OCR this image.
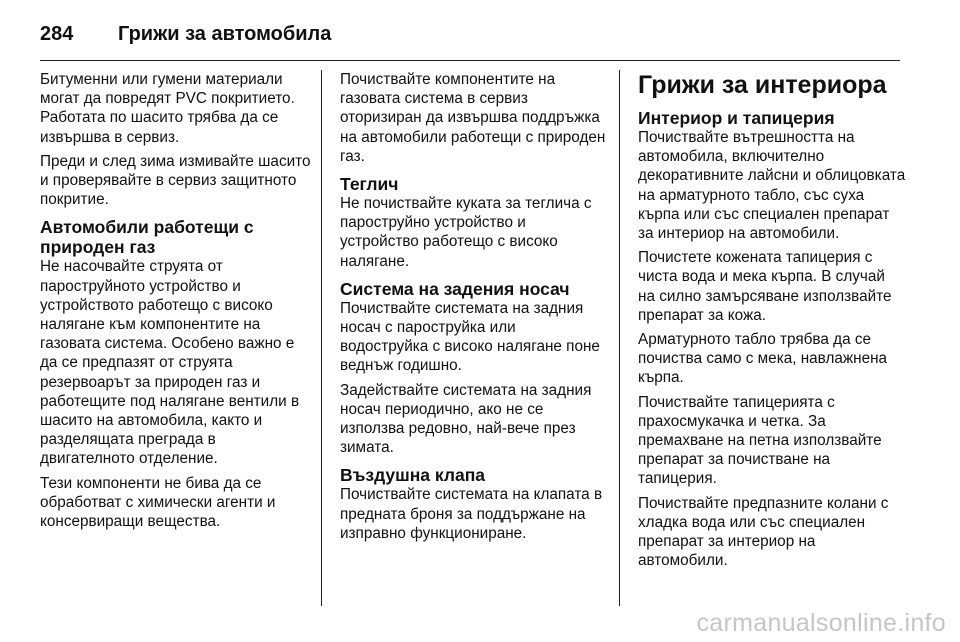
284	Грижи за автомобила

Битуменни или гумени материали могат да повредят PVC покритието. Работата по шасито трябва да се извършва в сервиз.

Преди и след зима измивайте шасито и проверявайте в сервиз защитното покритие.

Автомобили работещи с природен газ

Не насочвайте струята от пароструйното устройство и устройството работещо с високо налягане към компонентите на газовата система. Особено важно е да се предпазят от струята резервоарът за природен газ и работещите под налягане вентили в шасито на автомобила, както и разделящата преграда в двигателното отделение.

Тези компоненти не бива да се обработват с химически агенти и консервиращи вещества.

Почиствайте компонентите на газовата система в сервиз оторизиран да извършва поддръжка на автомобили работещи с природен газ.

Теглич

Не почиствайте куката за теглича с пароструйно устройство и устройство работещо с високо налягане.

Система на задения носач

Почиствайте системата на задния носач с пароструйка или водоструйка с високо налягане поне веднъж годишно.

Задействайте системата на задния носач периодично, ако не се използва редовно, най-вече през зимата.

Въздушна клапа

Почиствайте системата на клапата в предната броня за поддържане на изправно функциониране.

Грижи за интериора
Интериор и тапицерия

Почиствайте вътрешността на автомобила, включително декоративните лайсни и облицовката на арматурното табло, със суха кърпа или със специален препарат за интериор на автомобили.

Почистете кожената тапицерия с чиста вода и мека кърпа. В случай на силно замърсяване използвайте препарат за кожа.

Арматурното табло трябва да се почиства само с мека, навлажнена кърпа.

Почиствайте тапицерията с прахосмукачка и четка. За премахване на петна използвайте препарат за почистване на тапицерия.

Почиствайте предпазните колани с хладка вода или със специален препарат за интериор на автомобили.

carmanualsonline.info
